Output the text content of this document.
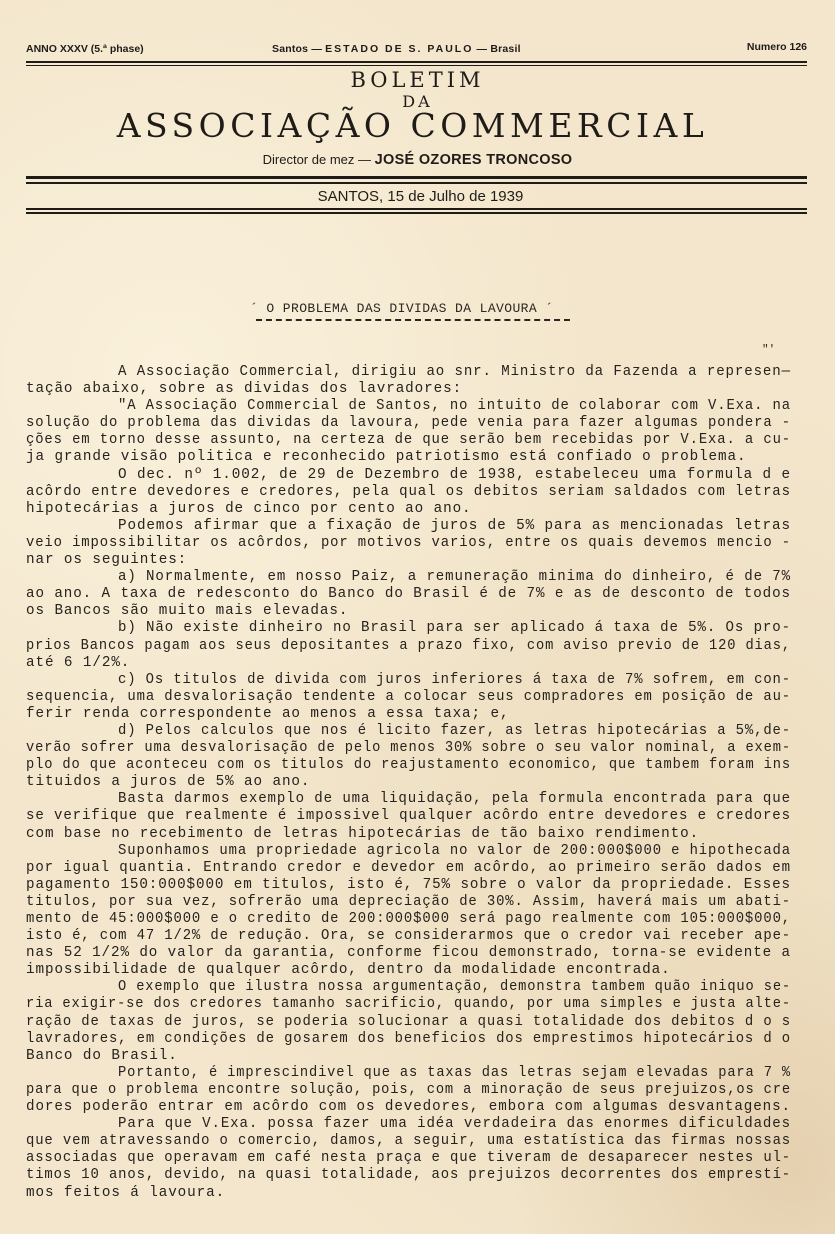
ANNO XXXV (5.ª phase)	Santos — ESTADO DE S. PAULO — Brasil	Numero 126
BOLETIM
DA
ASSOCIAÇÃO COMMERCIAL
Director de mez — JOSÉ OZORES TRONCOSO
SANTOS, 15 de Julho de 1939
´ O PROBLEMA DAS DIVIDAS DA LAVOURA ´
"'
A Associação Commercial, dirigiu ao snr. Ministro da Fazenda a represen—
tação abaixo, sobre as dividas dos lavradores:
"A Associação Commercial de Santos, no intuito de colaborar com V.Exa. na
solução do problema das dividas da lavoura, pede venia para fazer algumas pondera -
ções em torno desse assunto, na certeza de que serão bem recebidas por V.Exa. a cu-
ja grande visão politica e reconhecido patriotismo está confiado o problema.
O dec. nº 1.002, de 29 de Dezembro de 1938, estabeleceu uma formula d e
acôrdo entre devedores e credores, pela qual os debitos seriam saldados com letras
hipotecárias a juros de cinco por cento ao ano.
Podemos afirmar que a fixação de juros de 5% para as mencionadas letras
veio impossibilitar os acôrdos, por motivos varios, entre os quais devemos mencio -
nar os seguintes:
a) Normalmente, em nosso Paiz, a remuneração minima do dinheiro, é de 7%
ao ano. A taxa de redesconto do Banco do Brasil é de 7% e as de desconto de todos
os Bancos são muito mais elevadas.
b) Não existe dinheiro no Brasil para ser aplicado á taxa de 5%. Os pro-
prios Bancos pagam aos seus depositantes a prazo fixo, com aviso previo de 120 dias,
até 6 1/2%.
c) Os titulos de divida com juros inferiores á taxa de 7% sofrem, em con-
sequencia, uma desvalorisação tendente a colocar seus compradores em posição de au-
ferir renda correspondente ao menos a essa taxa; e,
d) Pelos calculos que nos é licito fazer, as letras hipotecárias a 5%,de-
verão sofrer uma desvalorisação de pelo menos 30% sobre o seu valor nominal, a exem-
plo do que aconteceu com os titulos do reajustamento economico, que tambem foram ins
tituidos a juros de 5% ao ano.
Basta darmos exemplo de uma liquidação, pela formula encontrada para que
se verifique que realmente é impossivel qualquer acôrdo entre devedores e credores
com base no recebimento de letras hipotecárias de tão baixo rendimento.
Suponhamos uma propriedade agricola no valor de 200:000$000 e hipothecada
por igual quantia. Entrando credor e devedor em acôrdo, ao primeiro serão dados em
pagamento 150:000$000 em titulos, isto é, 75% sobre o valor da propriedade. Esses
titulos, por sua vez, sofrerão uma depreciação de 30%. Assim, haverá mais um abati-
mento de 45:000$000 e o credito de 200:000$000 será pago realmente com 105:000$000,
isto é, com 47 1/2% de redução. Ora, se considerarmos que o credor vai receber ape-
nas 52 1/2% do valor da garantia, conforme ficou demonstrado, torna-se evidente a
impossibilidade de qualquer acôrdo, dentro da modalidade encontrada.
O exemplo que ilustra nossa argumentação, demonstra tambem quão iniquo se-
ria exigir-se dos credores tamanho sacrificio, quando, por uma simples e justa alte-
ração de taxas de juros, se poderia solucionar a quasi totalidade dos debitos d o s
lavradores, em condições de gosarem dos beneficios dos emprestimos hipotecários d o
Banco do Brasil.
Portanto, é imprescindivel que as taxas das letras sejam elevadas para 7 %
para que o problema encontre solução, pois, com a minoração de seus prejuizos,os cre
dores poderão entrar em acôrdo com os devedores, embora com algumas desvantagens.
Para que V.Exa. possa fazer uma idéa verdadeira das enormes dificuldades
que vem atravessando o comercio, damos, a seguir, uma estatística das firmas nossas
associadas que operavam em café nesta praça e que tiveram de desaparecer nestes ul-
timos 10 anos, devido, na quasi totalidade, aos prejuizos decorrentes dos emprestí-
mos feitos á lavoura.
